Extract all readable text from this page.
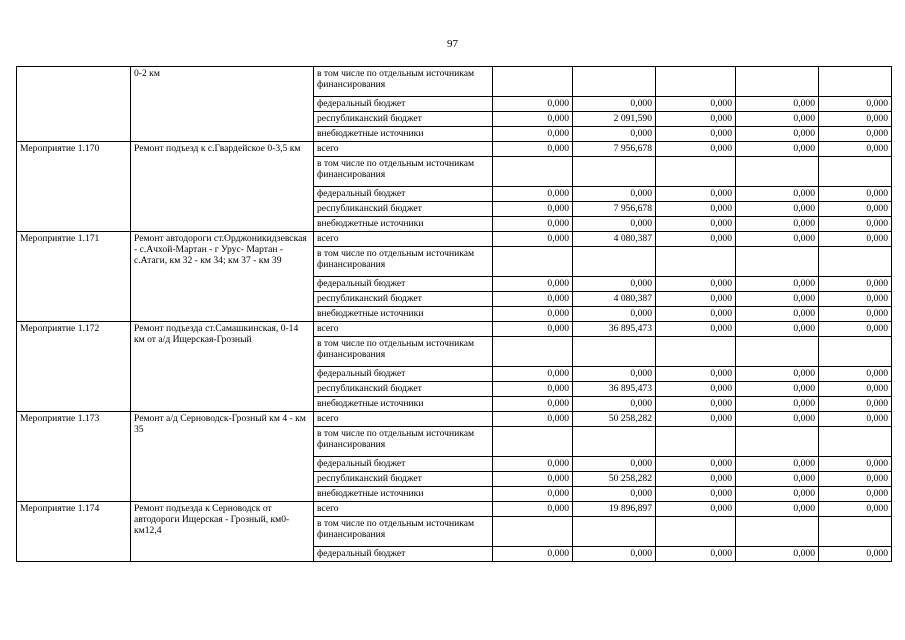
97
	0-2 км	в том числе по отдельным источникам финансирования					
		федеральный бюджет	0,000	0,000	0,000	0,000	0,000
		республиканский бюджет	0,000	2 091,590	0,000	0,000	0,000
		внебюджетные источники	0,000	0,000	0,000	0,000	0,000
Мероприятие 1.170	Ремонт подъезд к с.Гвардейское 0-3,5 км	всего	0,000	7 956,678	0,000	0,000	0,000
		в том числе по отдельным источникам финансирования					
		федеральный бюджет	0,000	0,000	0,000	0,000	0,000
		республиканский бюджет	0,000	7 956,678	0,000	0,000	0,000
		внебюджетные источники	0,000	0,000	0,000	0,000	0,000
Мероприятие 1.171	Ремонт автодороги ст.Орджоникидзевская - с.Ачхой-Мартан - г Урус- Мартан - с.Атаги, км 32 - км 34; км 37 - км 39	всего	0,000	4 080,387	0,000	0,000	0,000
		в том числе по отдельным источникам финансирования					
		федеральный бюджет	0,000	0,000	0,000	0,000	0,000
		республиканский бюджет	0,000	4 080,387	0,000	0,000	0,000
		внебюджетные источники	0,000	0,000	0,000	0,000	0,000
Мероприятие 1.172	Ремонт подъезда ст.Самашкинская, 0-14 км от а/д Ищерская-Грозный	всего	0,000	36 895,473	0,000	0,000	0,000
		в том числе по отдельным источникам финансирования					
		федеральный бюджет	0,000	0,000	0,000	0,000	0,000
		республиканский бюджет	0,000	36 895,473	0,000	0,000	0,000
		внебюджетные источники	0,000	0,000	0,000	0,000	0,000
Мероприятие 1.173	Ремонт а/д Серноводск-Грозный км 4 - км 35	всего	0,000	50 258,282	0,000	0,000	0,000
		в том числе по отдельным источникам финансирования					
		федеральный бюджет	0,000	0,000	0,000	0,000	0,000
		республиканский бюджет	0,000	50 258,282	0,000	0,000	0,000
		внебюджетные источники	0,000	0,000	0,000	0,000	0,000
Мероприятие 1.174	Ремонт подъезда к Серноводск от автодороги Ищерская - Грозный, км0-км12,4	всего	0,000	19 896,897	0,000	0,000	0,000
		в том числе по отдельным источникам финансирования					
		федеральный бюджет	0,000	0,000	0,000	0,000	0,000
